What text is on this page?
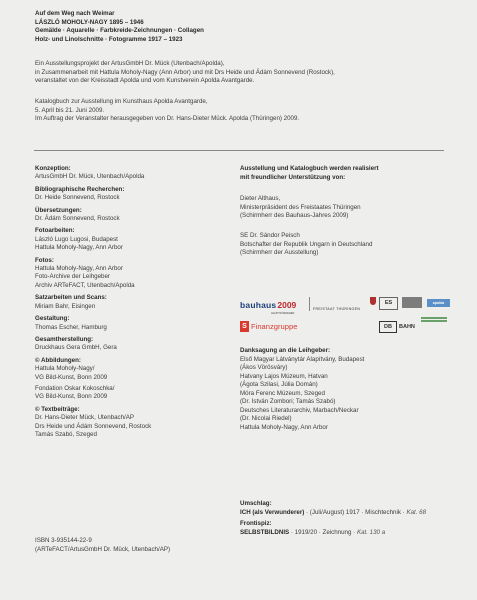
Auf dem Weg nach Weimar
LÁSZLÓ MOHOLY-NAGY 1895 – 1946
Gemälde · Aquarelle · Farbkreide-Zeichnungen · Collagen
Holz- und Linolschnitte · Fotogramme 1917 – 1923
Ein Ausstellungsprojekt der ArtusGmbH Dr. Mück (Utenbach/Apolda),
in Zusammenarbeit mit Hattula Moholy-Nagy (Ann Arbor) und mit Drs Heide und Ádám Sonnevend (Rostock),
veranstaltet von der Kreisstadt Apolda und vom Kunstverein Apolda Avantgarde.
Katalogbuch zur Ausstellung im Kunsthaus Apolda Avantgarde,
5. April bis 21. Juni 2009.
Im Auftrag der Veranstalter herausgegeben von Dr. Hans-Dieter Mück. Apolda (Thüringen) 2009.
Konzeption:
ArtusGmbH Dr. Mück, Utenbach/Apolda
Bibliographische Recherchen:
Dr. Heide Sonnevend, Rostock
Übersetzungen:
Dr. Ádám Sonnevend, Rostock
Fotoarbeiten:
László Lugo Lugosi, Budapest
Hattula Moholy-Nagy, Ann Arbor
Fotos:
Hattula Moholy-Nagy, Ann Arbor
Foto-Archive der Leihgeber
Archiv ARTeFACT, Utenbach/Apolda
Satzarbeiten und Scans:
Miriam Bahr, Eisingen
Gestaltung:
Thomas Escher, Hamburg
Gesamtherstellung:
Druckhaus Gera GmbH, Gera
© Abbildungen:
Hattula Moholy-Nagy/
VG Bild-Kunst, Bonn 2009
Fondation Oskar Kokoschka/
VG Bild-Kunst, Bonn 2009
© Textbeiträge:
Dr. Hans-Dieter Mück, Utenbach/AP
Drs Heide und Ádám Sonnevend, Rostock
Tamás Szabó, Szeged
ISBN 3-935144-22-9
(ARTeFACT/ArtusGmbH Dr. Mück, Utenbach/AP)
Ausstellung und Katalogbuch werden realisiert
mit freundlicher Unterstützung von:
Dieter Althaus,
Ministerpräsident des Freistaates Thüringen
(Schirmherr des Bauhaus-Jahres 2009)
SE Dr. Sándor Peisch
Botschafter der Republik Ungarn in Deutschland
(Schirmherr der Ausstellung)
bauhaus2009
HAUPTFÖRDERER
FREISTAAT THÜRINGEN
ES	apolda
S Finanzgruppe	DB BAHN
Danksagung an die Leihgeber:
Első Magyar Látványtár Alapítvány, Budapest
(Ákos Vörösváry)
Hatvany Lajos Múzeum, Hatvan
(Ágota Szilasi, Júlia Domán)
Móra Ferenc Múzeum, Szeged
(Dr. István Zombori; Tamás Szabó)
Deutsches Literaturarchiv, Marbach/Neckar
(Dr. Nicolai Riedel)
Hattula Moholy-Nagy, Ann Arbor
Umschlag:
ICH (als Verwunderer) · (Juli/August) 1917 · Mischtechnik · Kat. 68
Frontispiz:
SELBSTBILDNIS · 1919/20 · Zeichnung · Kat. 130 a
